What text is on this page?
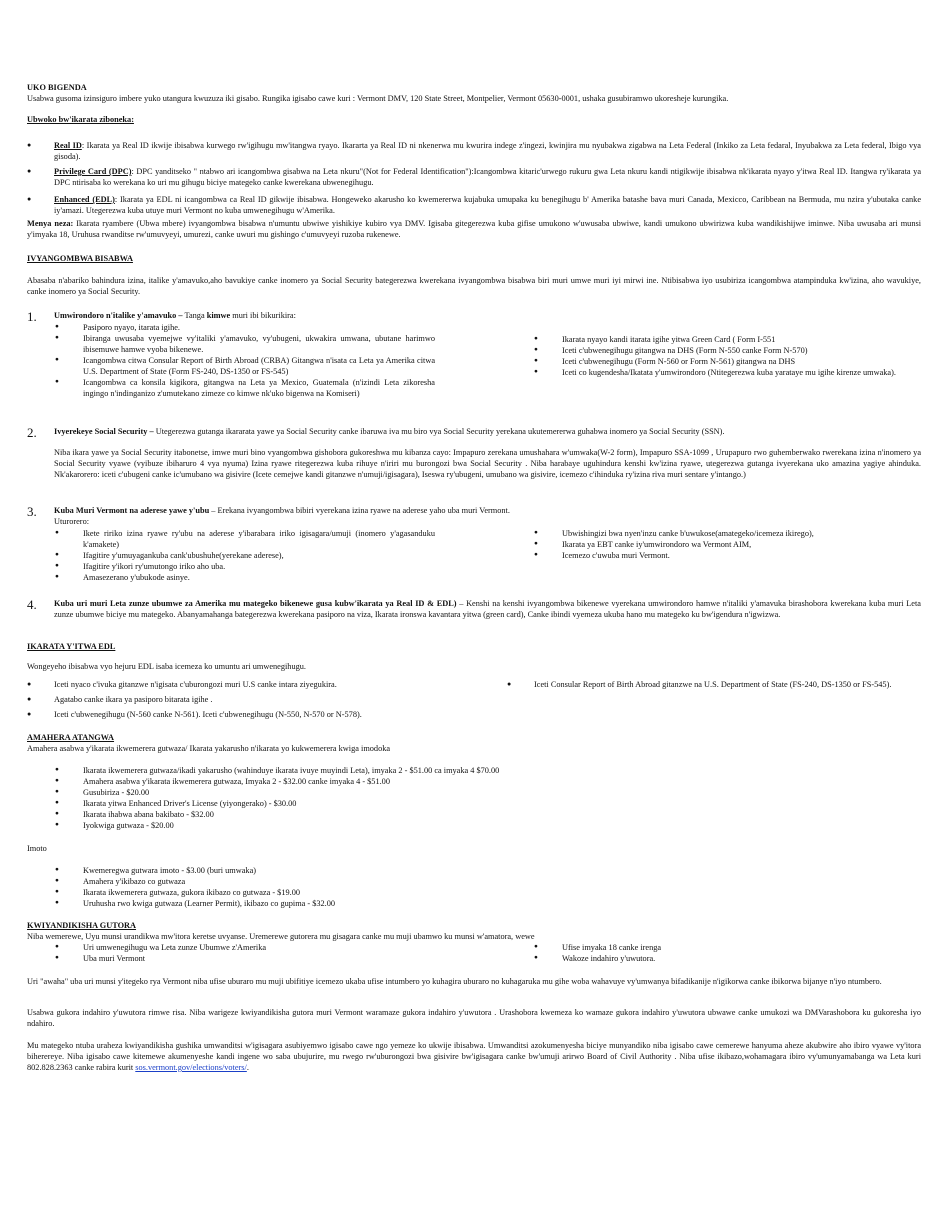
UKO BIGENDA

Usabwa gusoma izinsiguro imbere yuko utangura kwuzuza iki gisabo. Rungika igisabo cawe kuri : Vermont DMV, 120 State Street, Montpelier, Vermont 05630-0001, ushaka gusubiramwo ukoresheje kurungika.

Ubwoko bw'ikarata ziboneka:
● Real ID: Ikarata ya Real ID ikwije ibisabwa kurwego rw'igihugu mw'itangwa ryayo. Ikararta ya Real ID ni nkenerwa mu kwurira indege z'ingezi, kwinjira mu nyubakwa zigabwa na Leta Federal (Inkiko za Leta fedaral, Inyubakwa za Leta federal, Ibigo vya gisoda).
● Privilege Card (DPC): DPC yanditseko " ntabwo ari icangombwa gisabwa na Leta nkuru"(Not for Federal Identification"):Icangombwa kitaric'urwego rukuru gwa Leta nkuru kandi ntigikwije ibisabwa nk'ikarata nyayo y'itwa Real ID. Itangwa ry'ikarata ya DPC ntirisaba ko werekana ko uri mu gihugu biciye mategeko canke kwerekana ubwenegihugu.
● Enhanced (EDL): Ikarata ya EDL ni icangombwa ca Real ID gikwije ibisabwa. Hongeweko akarusho ko kwemererwa kujabuka umupaka ku benegihugu b' Amerika batashe bava muri Canada, Mexicco, Caribbean na Bermuda, mu nzira y'ubutaka canke iy'amazi. Utegerezwa kuba utuye muri Vermont no kuba umwenegihugu w'Amerika.

Menya neza: Ikarata ryambere (Ubwa mbere) ivyangombwa bisabwa n'umuntu ubwiwe yishikiye kubiro vya DMV. Igisaba gitegerezwa kuba gifise umukono w'uwusaba ubwiwe, kandi umukono ubwirizwa kuba wandikishijwe iminwe. Niba uwusaba ari munsi y'imyaka 18, Uruhusa rwanditse rw'umuvyeyi, umurezi, canke uwuri mu gishingo c'umuvyeyi ruzoba rukenewe.

IVYANGOMBWA BISABWA

Abasaba n'abariko bahindura izina, italike y'amavuko,aho bavukiye canke inomero ya Social Security bategerezwa kwerekana ivyangombwa bisabwa biri muri umwe muri iyi mirwi ine. Ntibisabwa iyo usubiriza icangombwa atampinduka kw'izina, aho wavukiye, canke inomero ya Social Security.

1. Umwirondoro n'italike y'amavuko – Tanga kimwe muri ibi bikurikira:
● Pasiporo nyayo, itarata igihe.
● Ibiranga uwusaba vyemejwe vy'italiki y'amavuko, vy'ubugeni, ukwakira umwana, ubutane harimwo ibisemuwe hamwe vyoba bikenewe.
● Icangombwa citwa Consular Report of Birth Abroad (CRBA) Gitangwa n'isata ca Leta ya Amerika citwa U.S. Department of State (Form FS-240, DS-1350 or FS-545)
● Icangombwa ca konsila kigikora, gitangwa na Leta ya Mexico, Guatemala (n'izindi Leta zikoresha ingingo n'indinganizo z'umutekano zimeze co kimwe nk'uko bigenwa na Komiseri)
● Ikarata nyayo kandi itarata igihe yitwa Green Card ( Form I-551
● Iceti c'ubwenegihugu gitangwa na DHS (Form N-550 canke Form N-570)
● Iceti c'ubwenegihugu (Form N-560 or Form N-561) gitangwa na DHS
● Iceti co kugendesha/Ikatata y'umwirondoro (Ntitegerezwa kuba yarataye mu igihe kirenze umwaka).
2. Ivyerekeye Social Security – Utegerezwa gutanga ikararata yawe ya Social Security canke ibaruwa iva mu biro vya Social Security yerekana ukutemererwa guhabwa inomero ya Social Security (SSN).

Niba ikara yawe ya Social Security itabonetse, imwe muri bino vyangombwa gishobora gukoreshwa mu kibanza cayo: Impapuro zerekana umushahara w'umwaka(W-2 form), Impapuro SSA-1099 , Urupapuro rwo guhemberwako rwerekana izina n'inomero ya Social Security vyawe (vyibuze ibiharuro 4 vya nyuma) Izina ryawe ritegerezwa kuba rihuye n'iriri mu burongozi bwa Social Security . Niba harabaye uguhindura kenshi kw'izina ryawe, utegerezwa gutanga ivyerekana uko amazina yagiye ahinduka. Nk'akarorero: iceti c'ubugeni canke ic'umubano wa gisivire (Icete cemejwe kandi gitanzwe n'umuji/igisagara), Iseswa ry'ubugeni, umubano wa gisivire, icemezo c'ihinduka ry'izina riva muri sentare y'intango.)

3. Kuba Muri Vermont na aderese yawe y'ubu – Erekana ivyangombwa bibiri vyerekana izina ryawe na aderese yaho uba muri Vermont.
Uturorero:
● Ikete ririko izina ryawe ry'ubu na aderese y'ibarabara iriko igisagara/umuji (inomero y'agasanduku k'amakete)
● Ifagitire y'umuyagankuba cank'ubushuhe(yerekane aderese),
● Ifagitire y'ikori ry'umutongo iriko aho uba.
● Amasezerano y'ubukode asinye.
● Ubwishingizi bwa nyen'inzu canke b'uwukose(amategeko/icemeza ikirego),
● Ikarata ya EBT canke iy'umwirondoro wa Vermont AIM,
● Icemezo c'uwuba muri Vermont.
4. Kuba uri muri Leta zunze ubumwe za Amerika mu mategeko bikenewe gusa kubw'ikarata ya Real ID & EDL) – Kenshi na kenshi ivyangombwa bikenewe vyerekana umwirondoro hamwe n'italiki y'amavuka birashobora kwerekana kuba muri Leta zunze ubumwe biciye mu mategeko. Abanyamahanga bategerezwa kwerekana pasiporo na viza, Ikarata ironswa kavantara yitwa (green card), Canke ibindi vyemeza ukuba hano mu mategeko ku bw'igendura n'igwizwa.
IKARATA Y'ITWA EDL

Wongeyeho ibisabwa vyo hejuru EDL isaba icemeza ko umuntu ari umwenegihugu.

● Iceti nyaco c'ivuka gitanzwe n'igisata c'uburongozi muri U.S canke intara ziyegukira.
● Agatabo canke ikara ya pasiporo bitarata igihe .
● Iceti c'ubwenegihugu (N-560 canke N-561). Iceti c'ubwenegihugu (N-550, N-570 or N-578).
● Iceti Consular Report of Birth Abroad gitanzwe na U.S. Department of State (FS-240, DS-1350 or FS-545).
AMAHERA ATANGWA
Amahera asabwa y'ikarata ikwemerera gutwaza/ Ikarata yakarusho n'ikarata yo kukwemerera kwiga imodoka
● Ikarata ikwemerera gutwaza/ikadi yakarusho (wahinduye ikarata ivuye muyindi Leta), imyaka 2 - $51.00 ca imyaka 4 $70.00
● Amahera asabwa y'ikarata ikwemerera gutwaza, Imyaka 2 - $32.00 canke imyaka 4 - $51.00
● Gusubiriza - $20.00
● Ikarata yitwa Enhanced Driver's License (yiyongerako) - $30.00
● Ikarata ihabwa abana bakibato - $32.00
● Iyokwiga gutwaza - $20.00
Imoto
● Kwemeregwa gutwara imoto - $3.00 (buri umwaka)
● Amahera y'ikibazo co gutwaza
● Ikarata ikwemerera gutwaza, gukora ikibazo co gutwaza - $19.00
● Uruhusha rwo kwiga gutwaza (Learner Permit), ikibazo co gupima - $32.00
KWIYANDIKISHA GUTORA
Niba wemerewe, Uyu munsi urandikwa mw'itora keretse uvyanse. Uremerewe gutorera mu gisagara canke mu muji ubamwo ku munsi w'amatora, wewe
● Uri umwenegihugu wa Leta zunze Ubumwe z'Amerika
● Uba muri Vermont
● Ufise imyaka 18 canke irenga
● Wakoze indahiro y'uwutora.

Uri "awaha" uba uri munsi y'itegeko rya Vermont niba ufise uburaro mu muji ubifitiye icemezo ukaba ufise intumbero yo kuhagira uburaro no kuhagaruka mu gihe woba wahavuye vy'umwanya bifadikanije n'igikorwa canke ibikorwa bijanye n'iyo ntumbero.

Usabwa gukora indahiro y'uwutora rimwe risa. Niba warigeze kwiyandikisha gutora muri Vermont waramaze gukora indahiro y'uwutora . Urashobora kwemeza ko wamaze gukora indahiro y'uwutora ubwawe canke umukozi wa DMVarashobora ku gukoresha iyo ndahiro.

Mu mategeko ntuba uraheza kwiyandikisha gushika umwanditsi w'igisagara asubiyemwo igisabo cawe ngo yemeze ko ukwije ibisabwa. Umwanditsi azokumenyesha biciye munyandiko niba igisabo cawe cemerewe hanyuma aheze akubwire aho ibiro vyawe vy'itora biherereye. Niba igisabo cawe kitemewe akumenyeshe kandi ingene wo saba ubujurire, mu rwego rw'uburongozi bwa gisivire bw'igisagara canke bw'umuji arirwo Board of Civil Authority . Niba ufise ikibazo,wohamagara ibiro vy'umunyamabanga wa Leta kuri 802.828.2363 canke rabira kurit sos.vermont.gov/elections/voters/.
